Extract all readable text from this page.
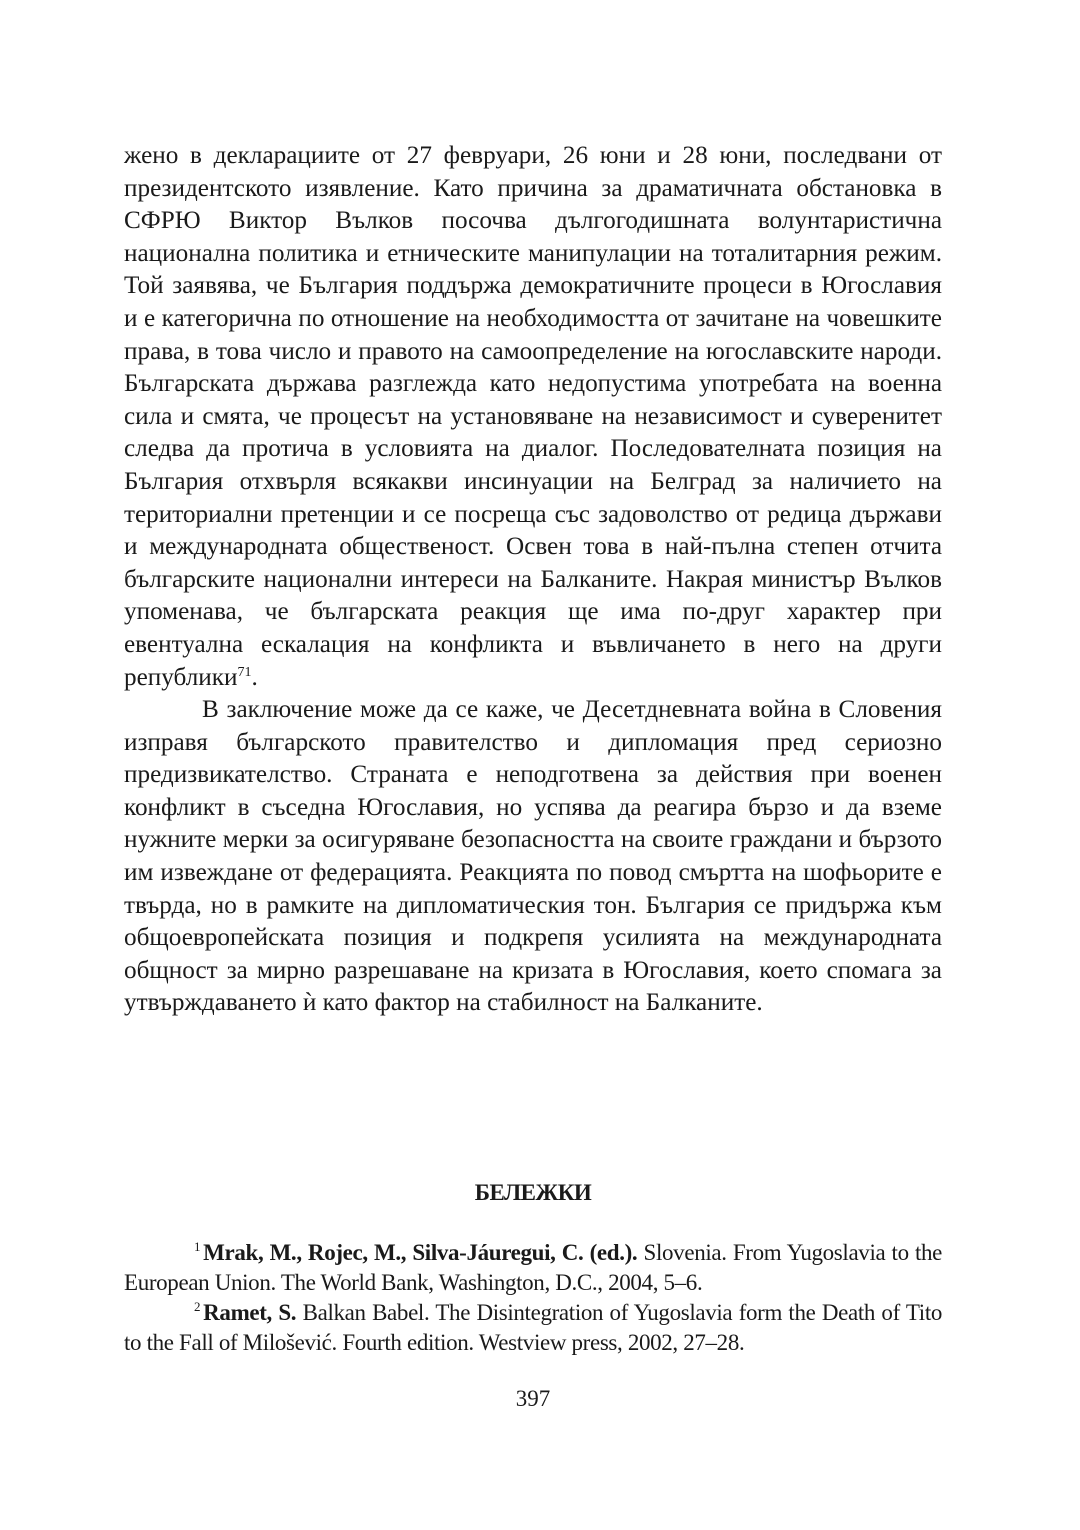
жено в декларациите от 27 февруари, 26 юни и 28 юни, последвани от президентското изявление. Като причина за драматичната обстановка в СФРЮ Виктор Вълков посочва дългогодишната волунтаристична национална политика и етническите манипулации на тоталитарния режим. Той заявява, че България поддържа демократичните процеси в Югославия и е категорична по отношение на необходимостта от зачитане на човешките права, в това число и правото на самоопределение на югославските народи. Българската държава разглежда като недопустима употребата на военна сила и смята, че процесът на установяване на независимост и суверенитет следва да протича в условията на диалог. Последователната позиция на България отхвърля всякакви инсинуации на Белград за наличието на териториални претенции и се посреща със задоволство от редица държави и международната общественост. Освен това в най-пълна степен отчита българските национални интереси на Балканите. Накрая министър Вълков упоменава, че българската реакция ще има по-друг характер при евентуална ескалация на конфликта и въвличането в него на други републики$^{71}$.

В заключение може да се каже, че Десетдневната война в Словения изправя българското правителство и дипломация пред сериозно предизвикателство. Страната е неподготвена за действия при военен конфликт в съседна Югославия, но успява да реагира бързо и да вземе нужните мерки за осигуряване безопасността на своите граждани и бързото им извеждане от федерацията. Реакцията по повод смъртта на шофьорите е твърда, но в рамките на дипломатическия тон. България се придържа към общоевропейската позиция и подкрепя усилията на международната общност за мирно разрешаване на кризата в Югославия, което спомага за утвърждаването ѝ като фактор на стабилност на Балканите.

БЕЛЕЖКИ

$^1$ Mrak, M., Rojec, M., Silva-Jáuregui, C. (ed.). Slovenia. From Yugoslavia to the European Union. The World Bank, Washington, D.C., 2004, 5–6.

$^2$ Ramet, S. Balkan Babel. The Disintegration of Yugoslavia form the Death of Tito to the Fall of Milošević. Fourth edition. Westview press, 2002, 27–28.

397
